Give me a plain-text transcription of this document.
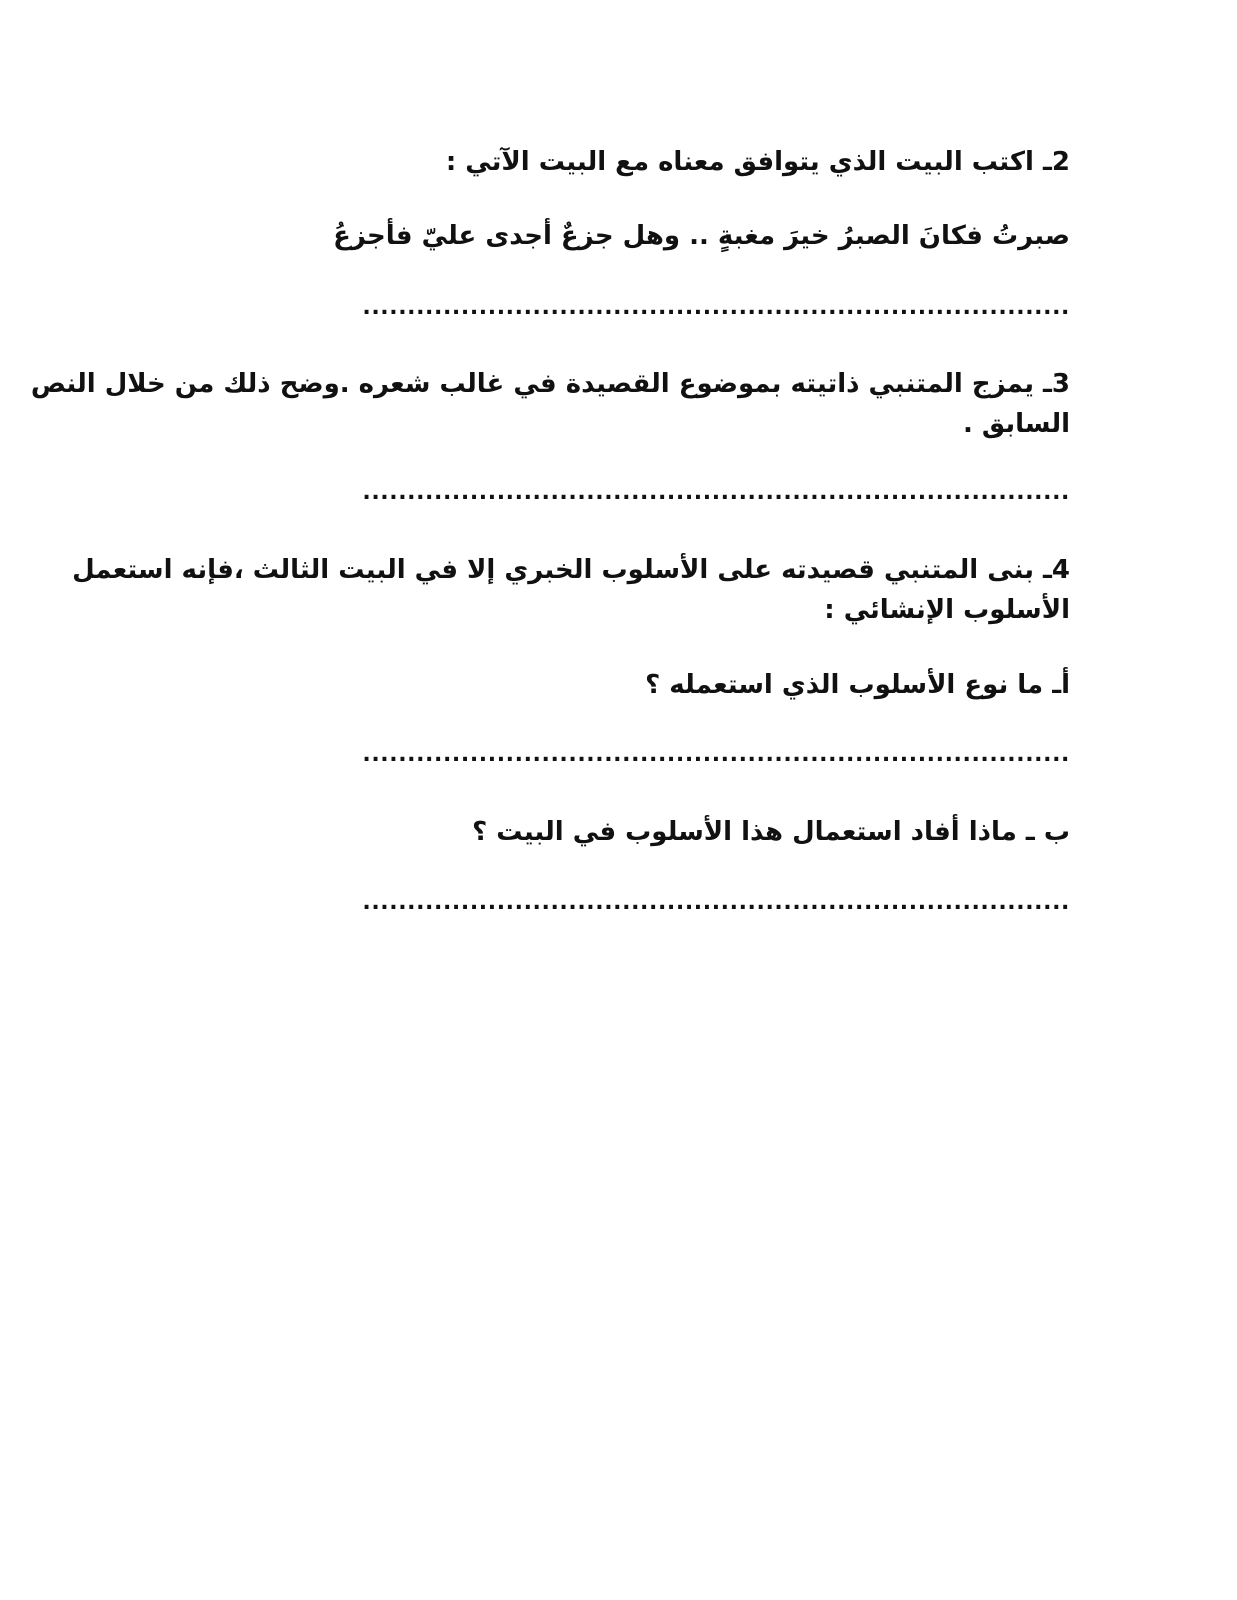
2ـ اكتب البيت الذي يتوافق معناه مع البيت الآتي :
صبرتُ فكانَ الصبرُ خيرَ مغبةٍ .. وهل جزعٌ أجدى عليّ فأجزعُ
...............................................................................
3ـ يمزج المتنبي ذاتيته بموضوع القصيدة في غالب شعره .وضح ذلك من خلال النص
السابق .
...............................................................................
4ـ بنى المتنبي قصيدته على الأسلوب الخبري إلا في البيت الثالث ،فإنه استعمل
الأسلوب الإنشائي :
أـ ما نوع الأسلوب الذي استعمله ؟
...............................................................................
ب ـ ماذا أفاد استعمال هذا الأسلوب في البيت ؟
...............................................................................
